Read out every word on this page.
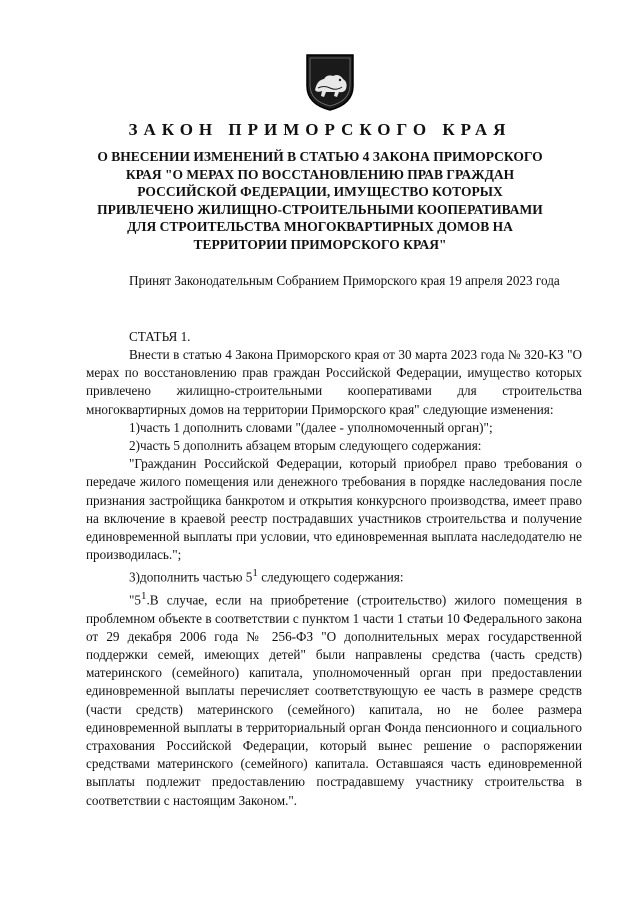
ЗАКОН ПРИМОРСКОГО КРАЯ
О ВНЕСЕНИИ ИЗМЕНЕНИЙ В СТАТЬЮ 4 ЗАКОНА ПРИМОРСКОГО
КРАЯ "О МЕРАХ ПО ВОССТАНОВЛЕНИЮ ПРАВ ГРАЖДАН
РОССИЙСКОЙ ФЕДЕРАЦИИ, ИМУЩЕСТВО КОТОРЫХ
ПРИВЛЕЧЕНО ЖИЛИЩНО-СТРОИТЕЛЬНЫМИ КООПЕРАТИВАМИ
ДЛЯ СТРОИТЕЛЬСТВА МНОГОКВАРТИРНЫХ ДОМОВ НА
ТЕРРИТОРИИ ПРИМОРСКОГО КРАЯ"

Принят Законодательным Собранием Приморского края 19 апреля 2023 года

СТАТЬЯ 1.

Внести в статью 4 Закона Приморского края от 30 марта 2023 года № 320-КЗ "О мерах по восстановлению прав граждан Российской Федерации, имущество которых привлечено жилищно-строительными кооперативами для строительства многоквартирных домов на территории Приморского края" следующие изменения:

1)часть 1 дополнить словами "(далее - уполномоченный орган)";

2)часть 5 дополнить абзацем вторым следующего содержания:

"Гражданин Российской Федерации, который приобрел право требования о передаче жилого помещения или денежного требования в порядке наследования после признания застройщика банкротом и открытия конкурсного производства, имеет право на включение в краевой реестр пострадавших участников строительства и получение единовременной выплаты при условии, что единовременная выплата наследодателю не производилась.";

3)дополнить частью $5^1$ следующего содержания:

"$5^1.В$ случае, если на приобретение (строительство) жилого помещения в проблемном объекте в соответствии с пунктом 1 части 1 статьи 10 Федерального закона от 29 декабря 2006 года № 256-ФЗ "О дополнительных мерах государственной поддержки семей, имеющих детей" были направлены средства (часть средств) материнского (семейного) капитала, уполномоченный орган при предоставлении единовременной выплаты перечисляет соответствующую ее часть в размере средств (части средств) материнского (семейного) капитала, но не более размера единовременной выплаты в территориальный орган Фонда пенсионного и социального страхования Российской Федерации, который вынес решение о распоряжении средствами материнского (семейного) капитала. Оставшаяся часть единовременной выплаты подлежит предоставлению пострадавшему участнику строительства в соответствии с настоящим Законом.".
